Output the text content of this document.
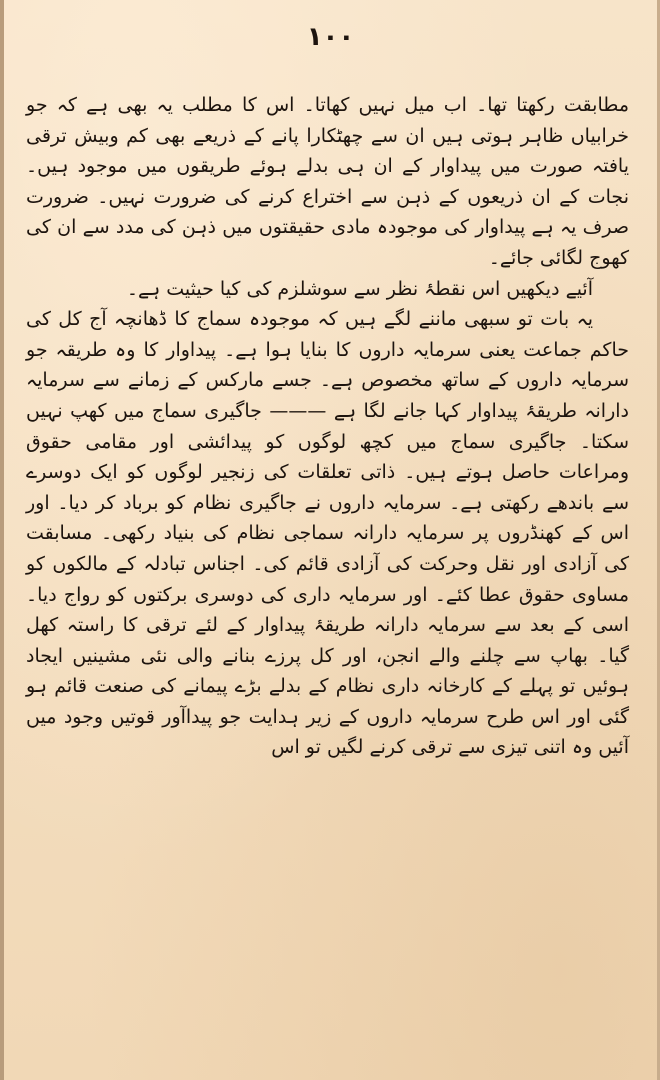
۱۰۰

مطابقت رکھتا تھا۔ اب میل نہیں کھاتا۔ اس کا مطلب یہ بھی ہے کہ جو خرابیاں ظاہر ہوتی ہیں ان سے چھٹکارا پانے کے ذریعے بھی کم وبیش ترقی یافتہ صورت میں پیداوار کے ان ہی بدلے ہوئے طریقوں میں موجود ہیں۔ نجات کے ان ذریعوں کے ذہن سے اختراع کرنے کی ضرورت نہیں۔ ضرورت صرف یہ ہے پیداوار کی موجودہ مادی حقیقتوں میں ذہن کی مدد سے ان کی کھوج لگائی جائے۔

آئیے دیکھیں اس نقطۂ نظر سے سوشلزم کی کیا حیثیت ہے۔

یہ بات تو سبھی ماننے لگے ہیں کہ موجودہ سماج کا ڈھانچہ آج کل کی حاکم جماعت یعنی سرمایہ داروں کا بنایا ہوا ہے۔ پیداوار کا وہ طریقہ جو سرمایہ داروں کے ساتھ مخصوص ہے۔ جسے مارکس کے زمانے سے سرمایہ دارانہ طریقۂ پیداوار کہا جانے لگا ہے ——— جاگیری سماج میں کھپ نہیں سکتا۔ جاگیری سماج میں کچھ لوگوں کو پیدائشی اور مقامی حقوق ومراعات حاصل ہوتے ہیں۔ ذاتی تعلقات کی زنجیر لوگوں کو ایک دوسرے سے باندھے رکھتی ہے۔ سرمایہ داروں نے جاگیری نظام کو برباد کر دیا۔ اور اس کے کھنڈروں پر سرمایہ دارانہ سماجی نظام کی بنیاد رکھی۔ مسابقت کی آزادی اور نقل وحرکت کی آزادی قائم کی۔ اجناس تبادلہ کے مالکوں کو مساوی حقوق عطا کئے۔ اور سرمایہ داری کی دوسری برکتوں کو رواج دیا۔ اسی کے بعد سے سرمایہ دارانہ طریقۂ پیداوار کے لئے ترقی کا راستہ کھل گیا۔ بھاپ سے چلنے والے انجن، اور کل پرزے بنانے والی نئی مشینیں ایجاد ہوئیں تو پہلے کے کارخانہ داری نظام کے بدلے بڑے پیمانے کی صنعت قائم ہو گئی اور اس طرح سرمایہ داروں کے زیر ہدایت جو پیداآور قوتیں وجود میں آئیں وہ اتنی تیزی سے ترقی کرنے لگیں تو اس
